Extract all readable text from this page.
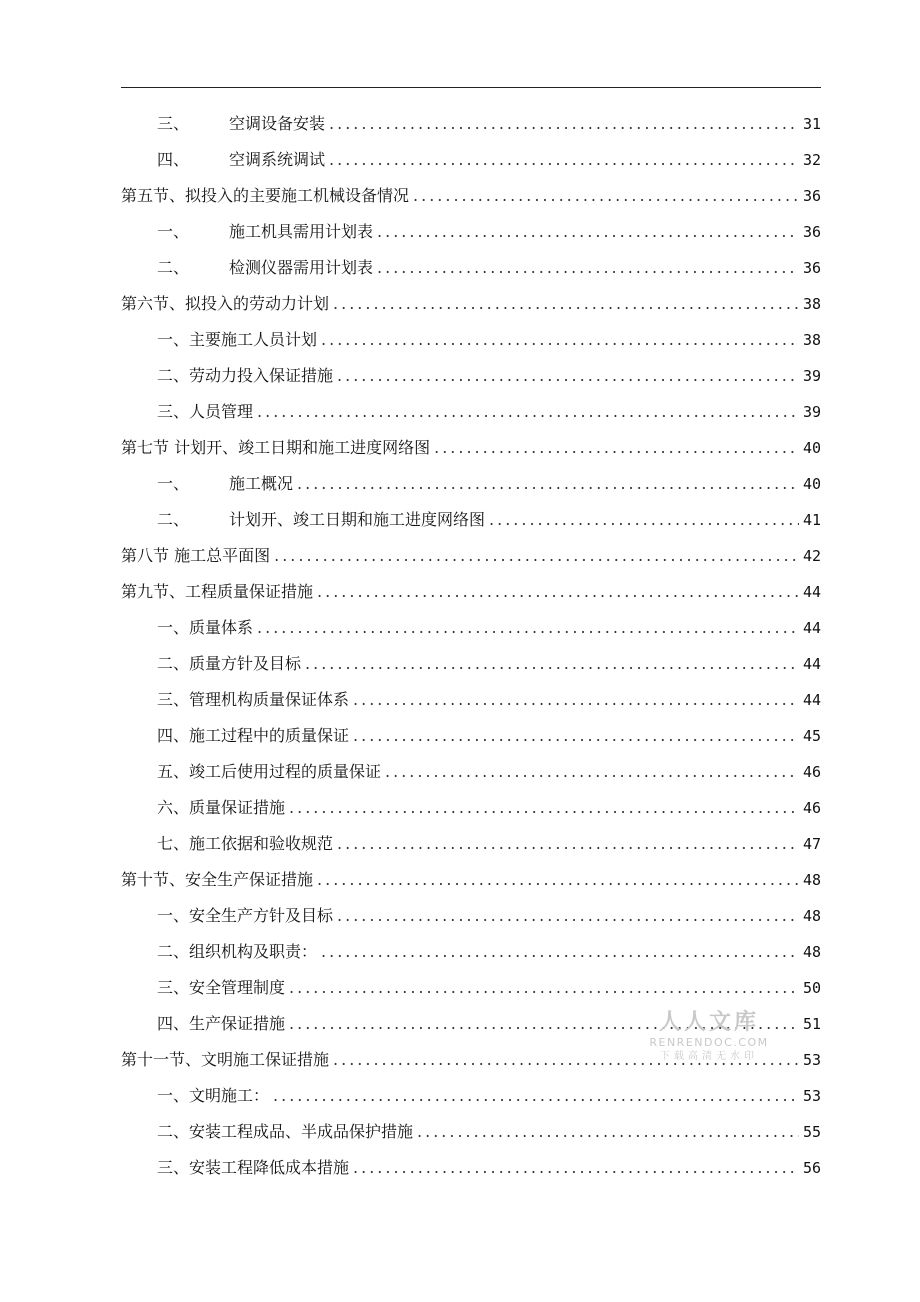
三、	空调设备安装 .....	31
四、	空调系统调试 .....	32
第五节、拟投入的主要施工机械设备情况 .....	36
一、	施工机具需用计划表 .....	36
二、	检测仪器需用计划表 .....	36
第六节、拟投入的劳动力计划 .....	38
一、主要施工人员计划 .....	38
二、劳动力投入保证措施 .....	39
三、人员管理 .....	39
第七节 计划开、竣工日期和施工进度网络图 .....	40
一、	施工概况 .....	40
二、	计划开、竣工日期和施工进度网络图 .....	41
第八节 施工总平面图 .....	42
第九节、工程质量保证措施 .....	44
一、质量体系 .....	44
二、质量方针及目标 .....	44
三、管理机构质量保证体系 .....	44
四、施工过程中的质量保证 .....	45
五、竣工后使用过程的质量保证 .....	46
六、质量保证措施 .....	46
七、施工依据和验收规范 .....	47
第十节、安全生产保证措施 .....	48
一、安全生产方针及目标 .....	48
二、组织机构及职责： .....	48
三、安全管理制度 .....	50
四、生产保证措施 .....	51
第十一节、文明施工保证措施 .....	53
一、文明施工： .....	53
二、安装工程成品、半成品保护措施 .....	55
三、安装工程降低成本措施 .....	56
人人文库
RENRENDOC.COM
下载高清无水印
